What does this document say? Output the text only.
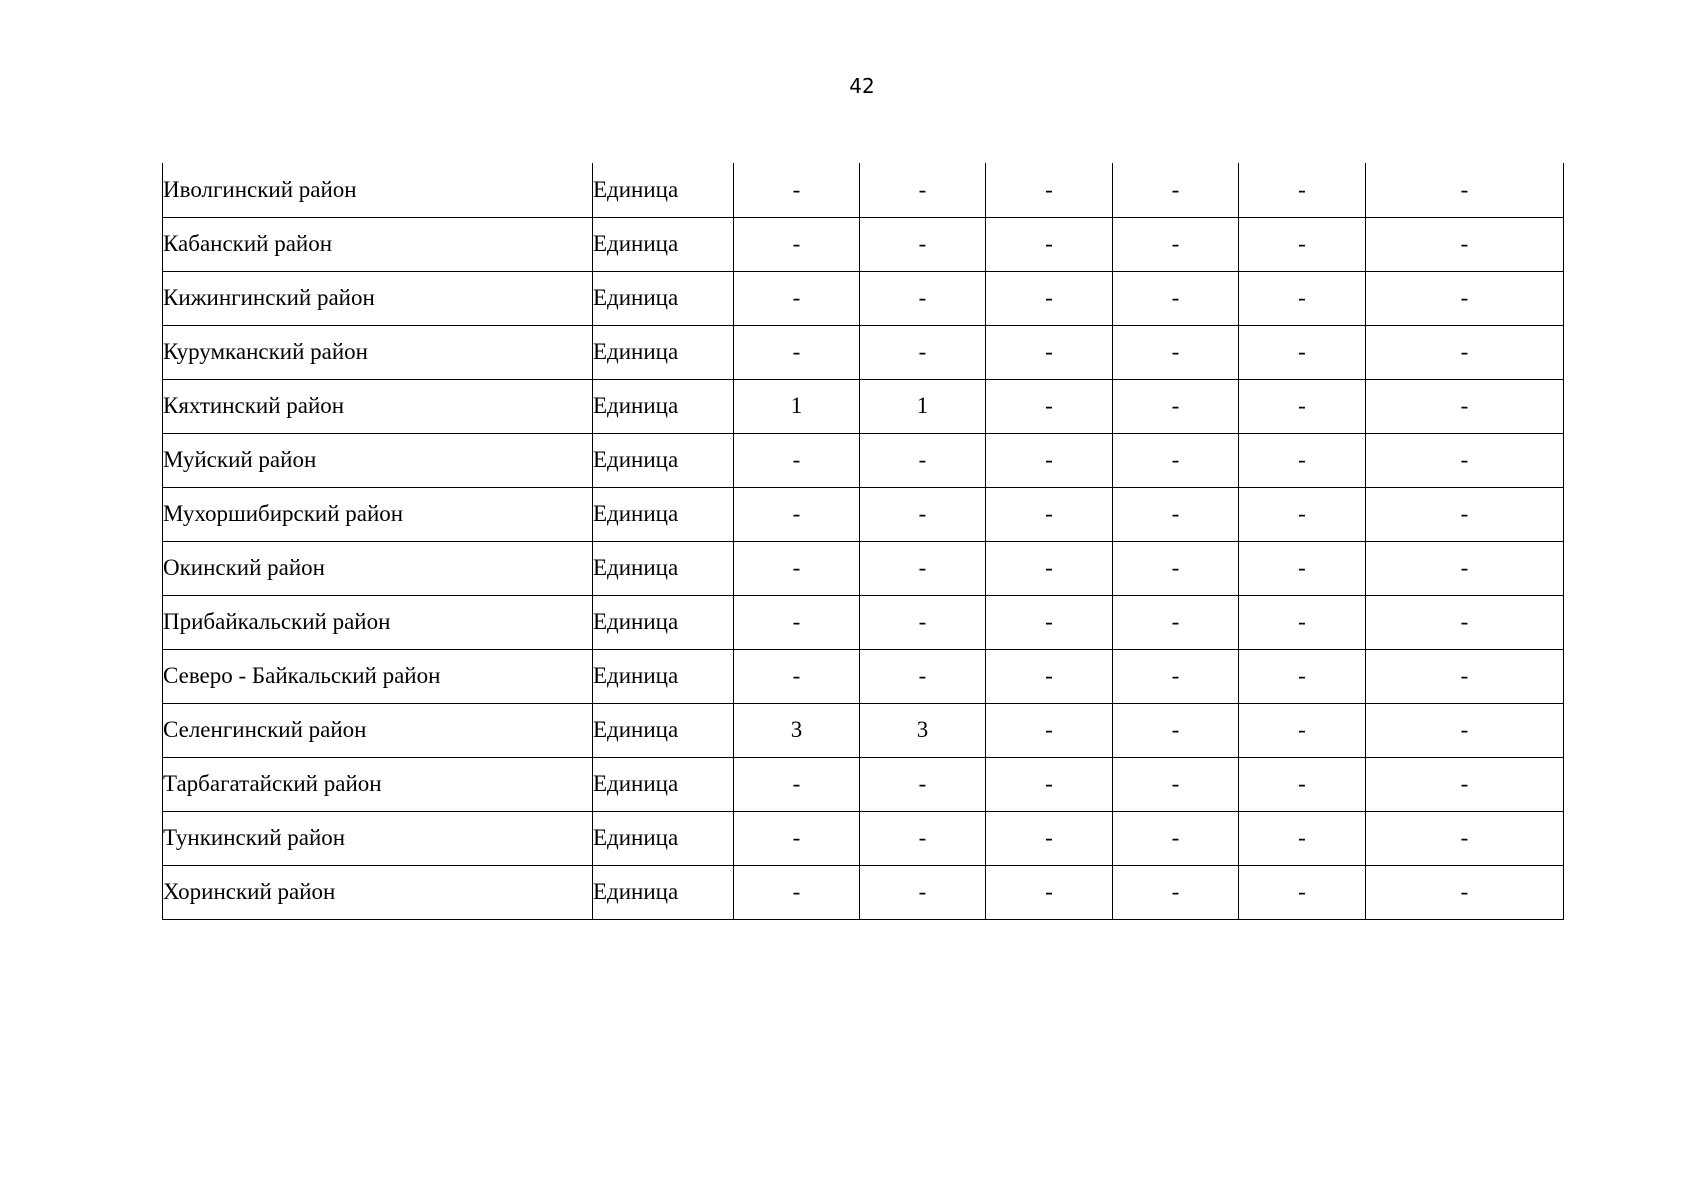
42
Иволгинский район	Единица	-	-	-	-	-	-
Кабанский район	Единица	-	-	-	-	-	-
Кижингинский район	Единица	-	-	-	-	-	-
Курумканский район	Единица	-	-	-	-	-	-
Кяхтинский район	Единица	1	1	-	-	-	-
Муйский район	Единица	-	-	-	-	-	-
Мухоршибирский район	Единица	-	-	-	-	-	-
Окинский район	Единица	-	-	-	-	-	-
Прибайкальский район	Единица	-	-	-	-	-	-
Северо - Байкальский район	Единица	-	-	-	-	-	-
Селенгинский район	Единица	3	3	-	-	-	-
Тарбагатайский район	Единица	-	-	-	-	-	-
Тункинский район	Единица	-	-	-	-	-	-
Хоринский район	Единица	-	-	-	-	-	-
